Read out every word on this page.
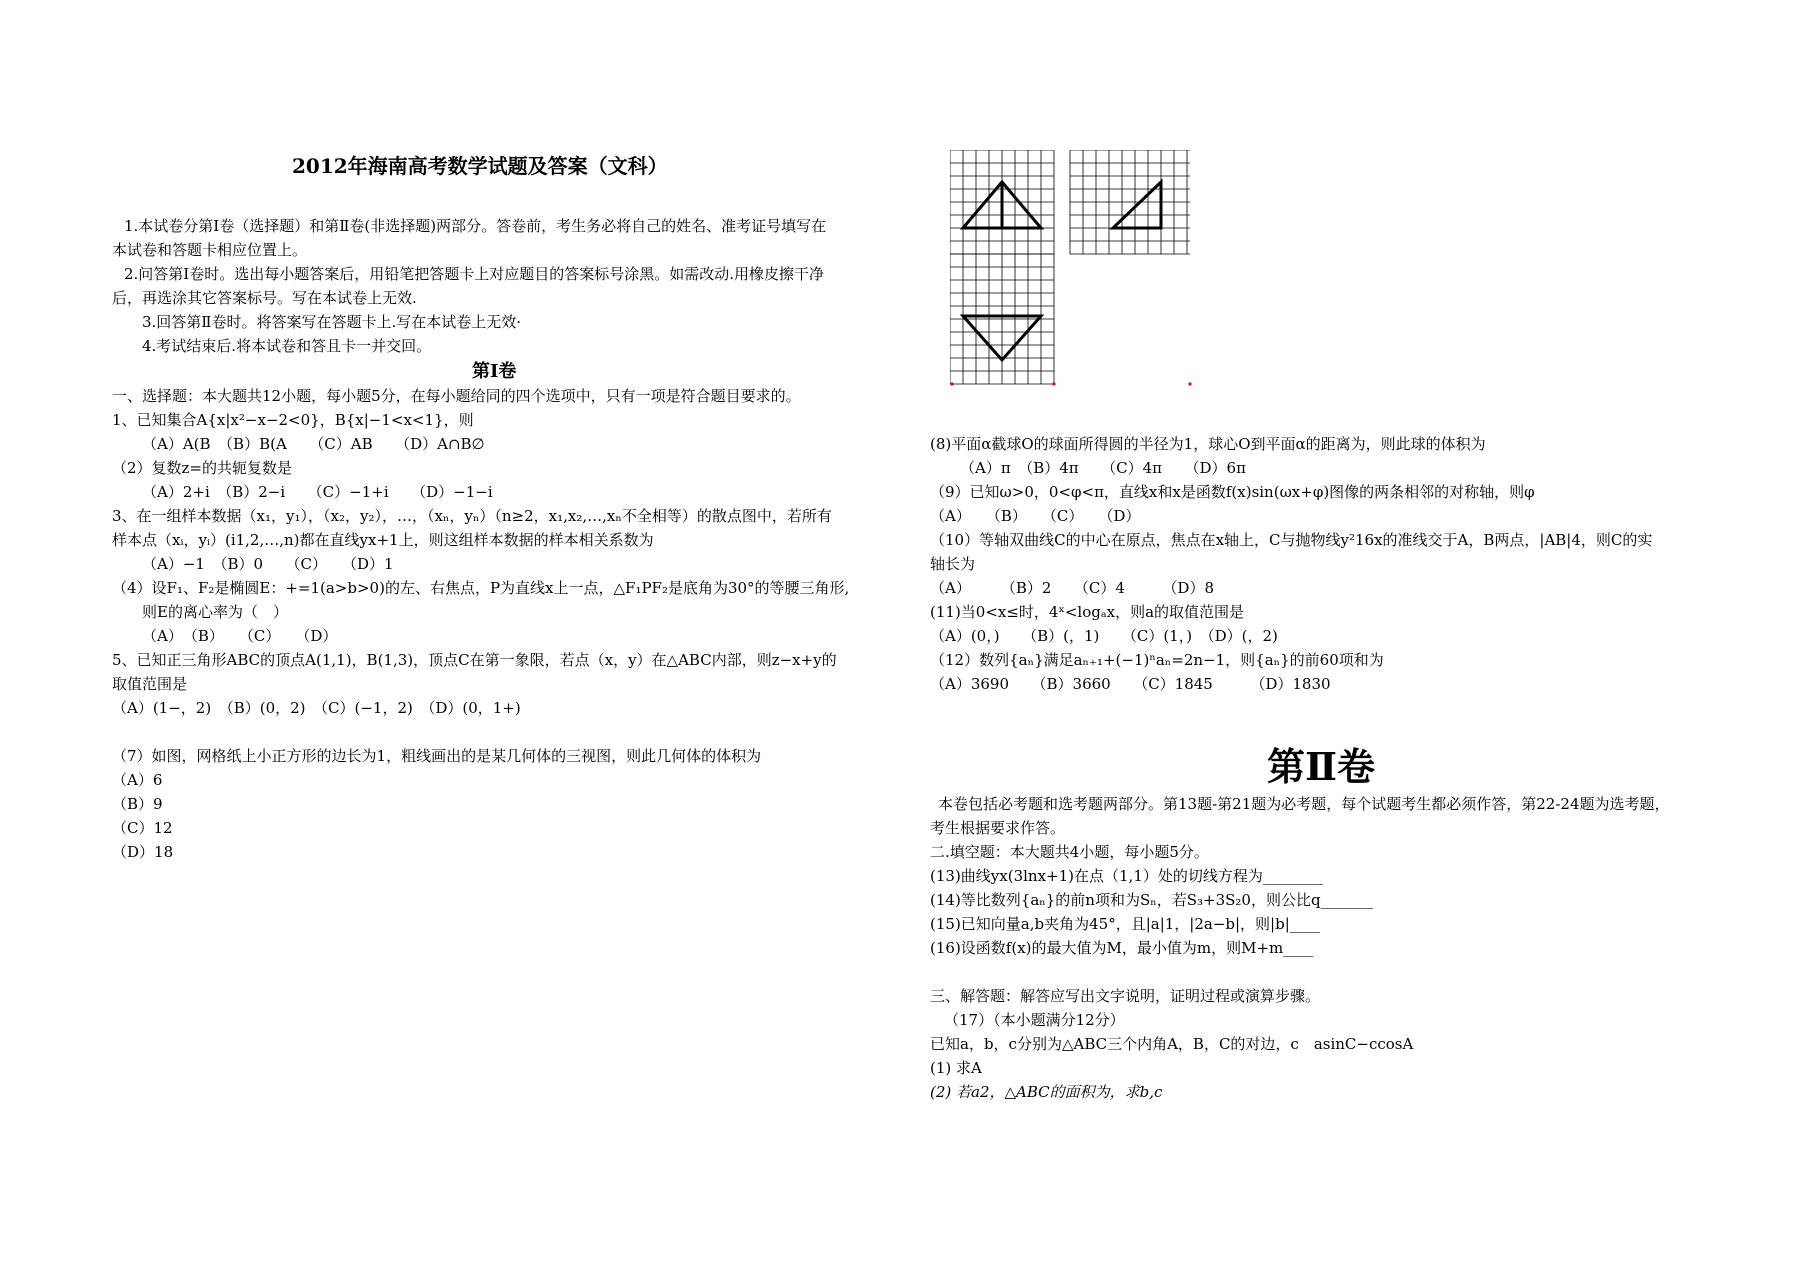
2012年海南高考数学试题及答案（文科）
1.本试卷分第Ⅰ卷（选择题）和第Ⅱ卷(非选择题)两部分。答卷前，考生务必将自己的姓名、准考证号填写在
本试卷和答题卡相应位置上。
2.问答第Ⅰ卷时。选出每小题答案后，用铅笔把答题卡上对应题目的答案标号涂黑。如需改动.用橡皮擦干净
后，再选涂其它答案标号。写在本试卷上无效.
3.回答第Ⅱ卷时。将答案写在答题卡上.写在本试卷上无效·
4.考试结束后.将本试卷和答且卡一并交回。
第Ⅰ卷
一、选择题：本大题共12小题，每小题5分，在每小题给同的四个选项中，只有一项是符合题目要求的。
1、已知集合A{x|x²−x−2<0}，B{x|−1<x<1}，则
（A）A(B　（B）B(A　　（C）AB　　（D）A∩B∅
（2）复数z=的共轭复数是
（A）2+i　（B）2−i　　（C）−1+i　　（D）−1−i
3、在一组样本数据（x₁，y₁），（x₂，y₂），…，（xₙ，yₙ）（n≥2，x₁,x₂,…,xₙ不全相等）的散点图中，若所有
样本点（xᵢ，yᵢ）(i1,2,…,n)都在直线yx+1上，则这组样本数据的样本相关系数为
（A）−1　（B）0　　（C）　　（D）1
（4）设F₁、F₂是椭圆E：+=1(a>b>0)的左、右焦点，P为直线x上一点，△F₁PF₂是底角为30°的等腰三角形,
则E的离心率为（　）
（A）　（B）　　（C）　　（D）
5、已知正三角形ABC的顶点A(1,1)，B(1,3)，顶点C在第一象限，若点（x，y）在△ABC内部，则z−x+y的
取值范围是
（A）(1−，2)　（B）(0，2)　（C）(−1，2)　（D）(0，1+)
（7）如图，网格纸上小正方形的边长为1，粗线画出的是某几何体的三视图，则此几何体的体积为
（A）6
（B）9
（C）12
（D）18
(8)平面α截球O的球面所得圆的半径为1，球心O到平面α的距离为，则此球的体积为
（A）π　（B）4π　　（C）4π　　（D）6π
（9）已知ω>0，0<φ<π，直线x和x是函数f(x)sin(ωx+φ)图像的两条相邻的对称轴，则φ
（A）　　（B）　　（C）　　（D）
（10）等轴双曲线C的中心在原点，焦点在x轴上，C与抛物线y²16x的准线交于A，B两点，|AB|4，则C的实
轴长为
（A）　　　（B）2　　（C）4　　　（D）8
(11)当0<x≤时，4ˣ<logₐx，则a的取值范围是
（A）(0，)　　（B）(，1)　　（C）(1，)　（D）(，2)
（12）数列{aₙ}满足aₙ₊₁+(−1)ⁿaₙ=2n−1，则{aₙ}的前60项和为
（A）3690　　（B）3660　　（C）1845　　　（D）1830
第Ⅱ卷
本卷包括必考题和选考题两部分。第13题-第21题为必考题，每个试题考生都必须作答，第22-24题为选考题，
考生根据要求作答。
二.填空题：本大题共4小题，每小题5分。
(13)曲线yx(3lnx+1)在点（1,1）处的切线方程为________
(14)等比数列{aₙ}的前n项和为Sₙ，若S₃+3S₂0，则公比q_______
(15)已知向量a,b夹角为45°，且|a|1，|2a−b|，则|b|____
(16)设函数f(x)的最大值为M，最小值为m，则M+m____
三、解答题：解答应写出文字说明，证明过程或演算步骤。
（17）（本小题满分12分）
已知a，b，c分别为△ABC三个内角A，B，C的对边，c　asinC−ccosA
(1) 求A
(2) 若a2，△ABC的面积为，求b,c
